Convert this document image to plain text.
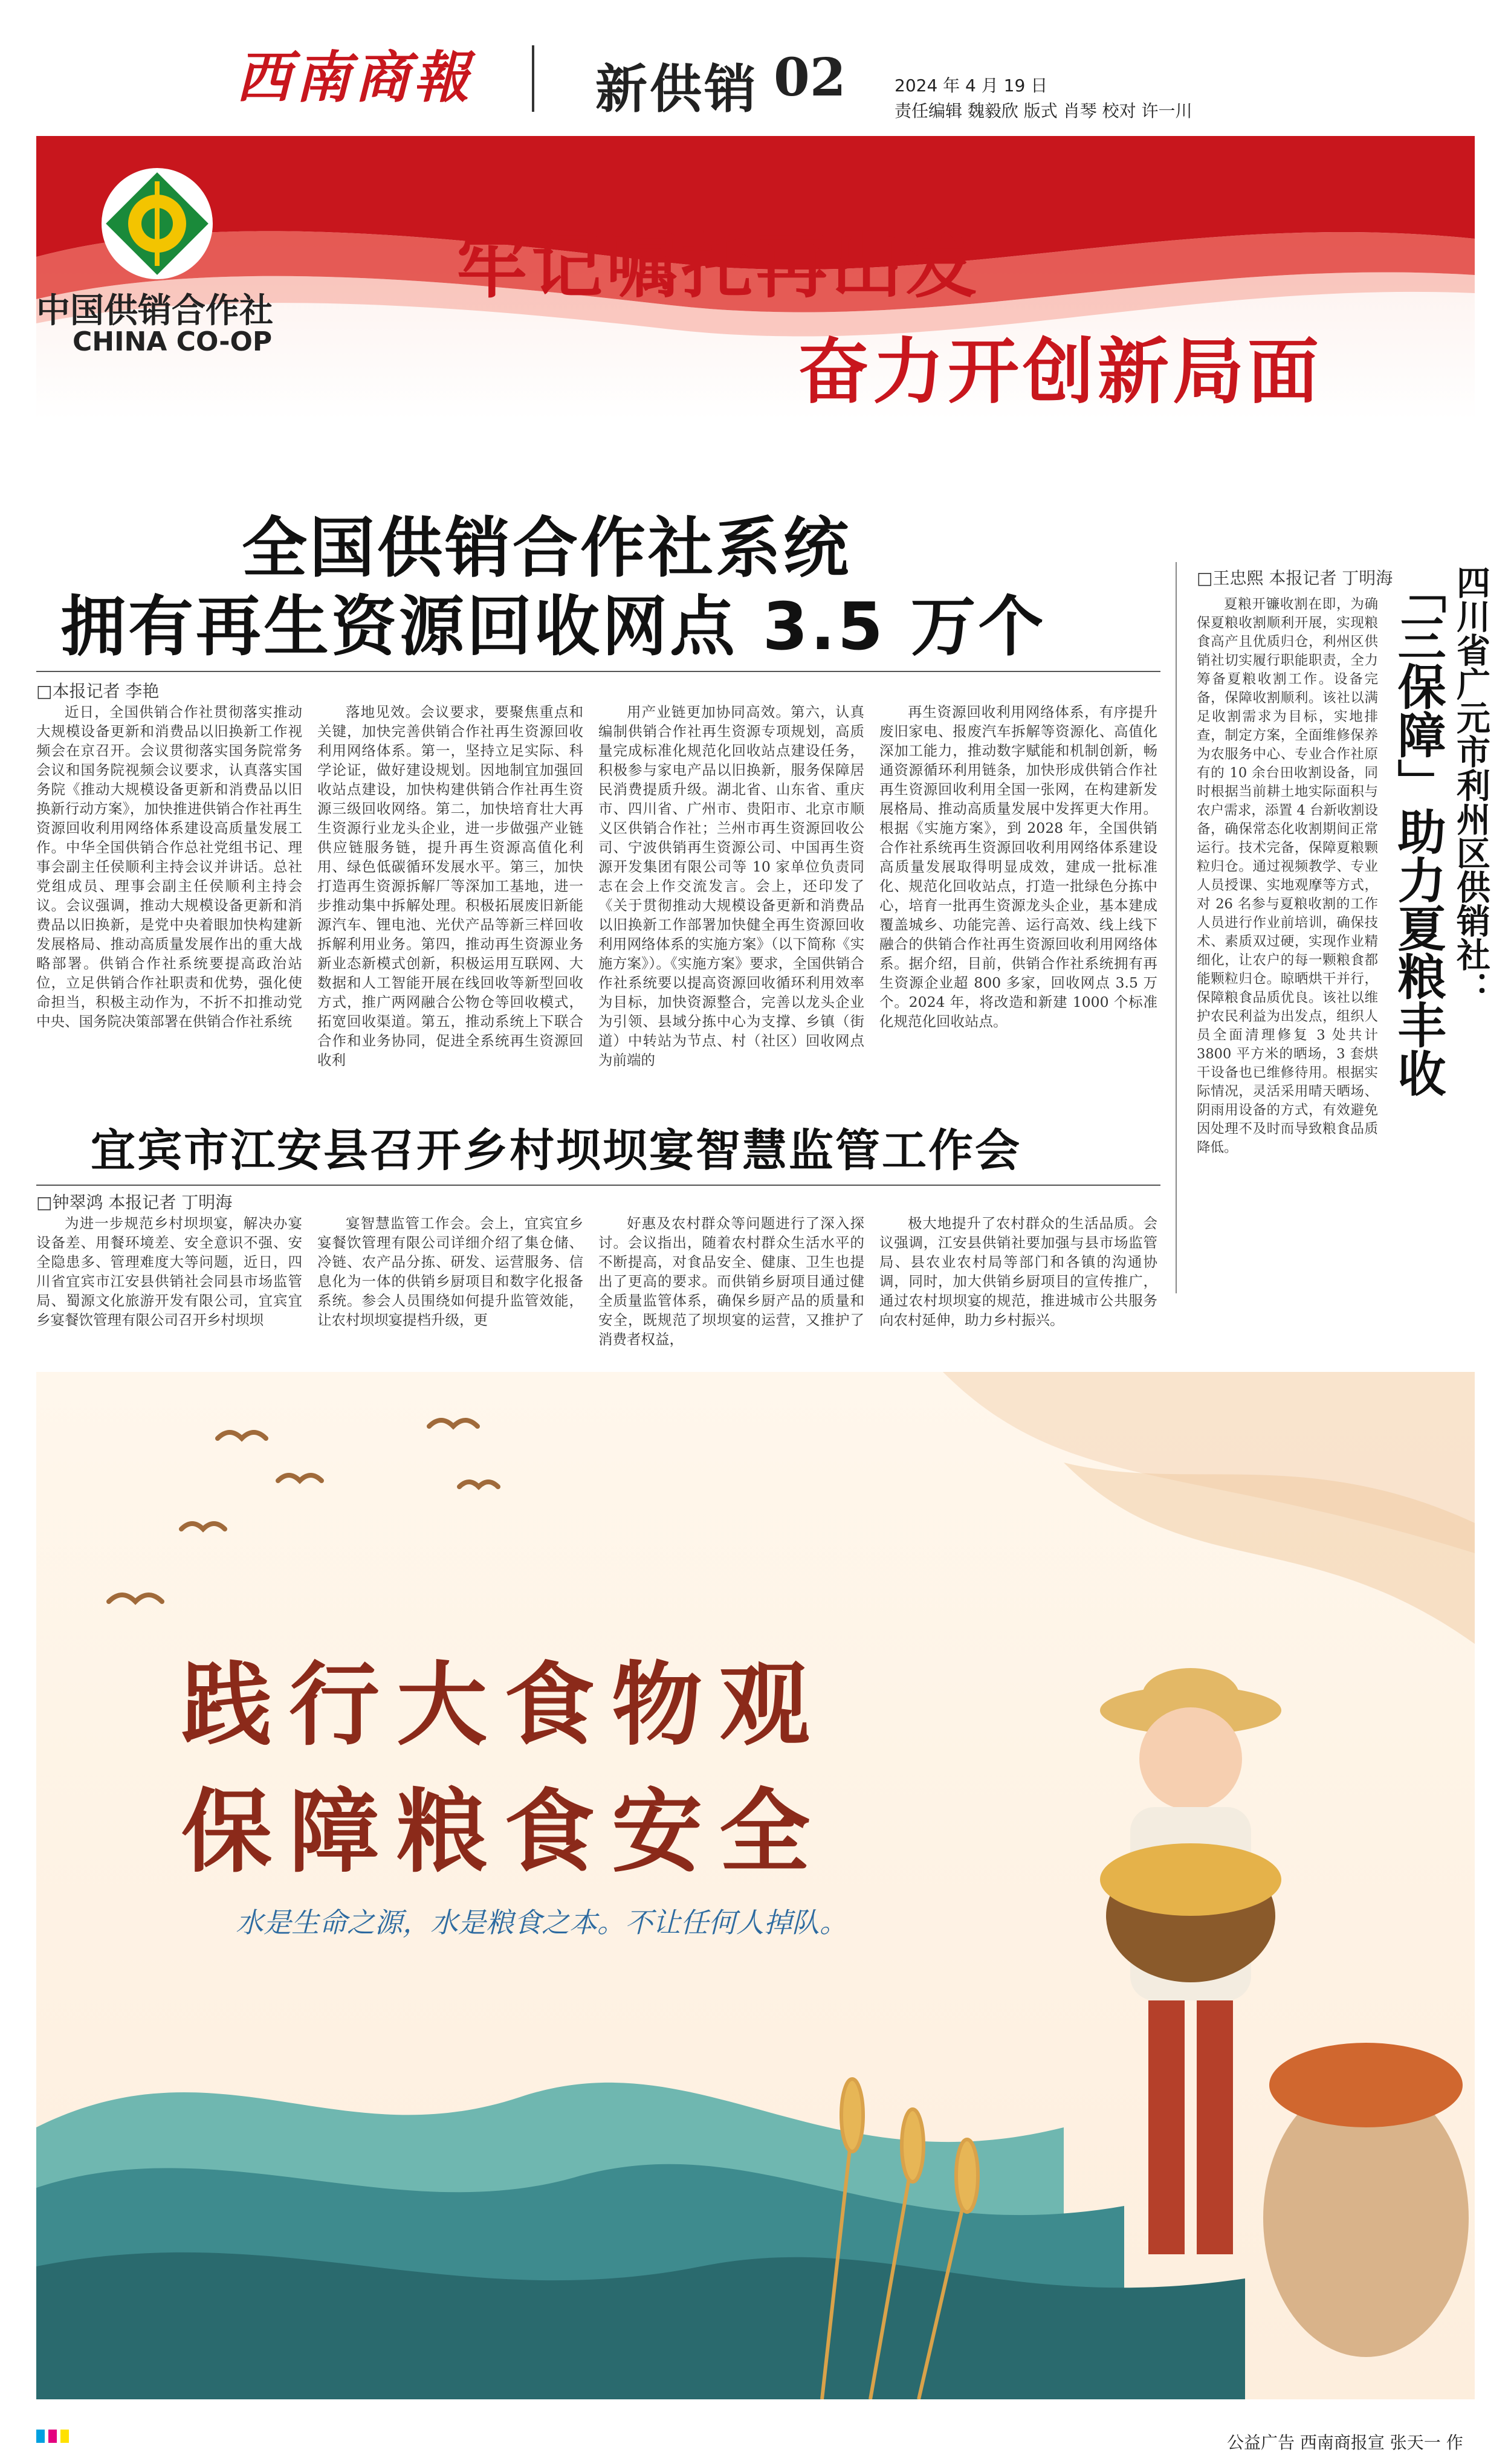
西南商報 新供销 02	2024 年 4 月 19 日
责任编辑 魏毅欣 版式 肖琴 校对 许一川
中国供销合作社
CHINA CO-OP
牢记嘱托再出发
奋力开创新局面
全国供销合作社系统
拥有再生资源回收网点 3.5 万个
□本报记者 李艳
近日，全国供销合作社贯彻落实推动大规模设备更新和消费品以旧换新工作视频会在京召开。会议贯彻落实国务院常务会议和国务院视频会议要求，认真落实国务院《推动大规模设备更新和消费品以旧换新行动方案》，加快推进供销合作社再生资源回收利用网络体系建设高质量发展工作。中华全国供销合作总社党组书记、理事会副主任侯顺利主持会议并讲话。总社党组成员、理事会副主任侯顺利主持会议。会议强调，推动大规模设备更新和消费品以旧换新，是党中央着眼加快构建新发展格局、推动高质量发展作出的重大战略部署。供销合作社系统要提高政治站位，立足供销合作社职责和优势，强化使命担当，积极主动作为，不折不扣推动党中央、国务院决策部署在供销合作社系统
落地见效。会议要求，要聚焦重点和关键，加快完善供销合作社再生资源回收利用网络体系。第一，坚持立足实际、科学论证，做好建设规划。因地制宜加强回收站点建设，加快构建供销合作社再生资源三级回收网络。第二，加快培育壮大再生资源行业龙头企业，进一步做强产业链供应链服务链，提升再生资源高值化利用、绿色低碳循环发展水平。第三，加快打造再生资源拆解厂等深加工基地，进一步推动集中拆解处理。积极拓展废旧新能源汽车、锂电池、光伏产品等新三样回收拆解利用业务。第四，推动再生资源业务新业态新模式创新，积极运用互联网、大数据和人工智能开展在线回收等新型回收方式，推广两网融合公物仓等回收模式，拓宽回收渠道。第五，推动系统上下联合合作和业务协同，促进全系统再生资源回收利
用产业链更加协同高效。第六，认真编制供销合作社再生资源专项规划，高质量完成标准化规范化回收站点建设任务，积极参与家电产品以旧换新，服务保障居民消费提质升级。湖北省、山东省、重庆市、四川省、广州市、贵阳市、北京市顺义区供销合作社；兰州市再生资源回收公司、宁波供销再生资源公司、中国再生资源开发集团有限公司等 10 家单位负责同志在会上作交流发言。会上，还印发了《关于贯彻推动大规模设备更新和消费品以旧换新工作部署加快健全再生资源回收利用网络体系的实施方案》（以下简称《实施方案》）。《实施方案》要求，全国供销合作社系统要以提高资源回收循环利用效率为目标，加快资源整合，完善以龙头企业为引领、县域分拣中心为支撑、乡镇（街道）中转站为节点、村（社区）回收网点为前端的
再生资源回收利用网络体系，有序提升废旧家电、报废汽车拆解等资源化、高值化深加工能力，推动数字赋能和机制创新，畅通资源循环利用链条，加快形成供销合作社再生资源回收利用全国一张网，在构建新发展格局、推动高质量发展中发挥更大作用。根据《实施方案》，到 2028 年，全国供销合作社系统再生资源回收利用网络体系建设高质量发展取得明显成效，建成一批标准化、规范化回收站点，打造一批绿色分拣中心，培育一批再生资源龙头企业，基本建成覆盖城乡、功能完善、运行高效、线上线下融合的供销合作社再生资源回收利用网络体系。据介绍，目前，供销合作社系统拥有再生资源企业超 800 多家，回收网点 3.5 万个。2024 年，将改造和新建 1000 个标准化规范化回收站点。
□王忠熙 本报记者 丁明海 四川省广元市利州区供销社：
「三保障」助力夏粮丰收
夏粮开镰收割在即，为确保夏粮收割顺利开展，实现粮食高产且优质归仓，利州区供销社切实履行职能职责，全力筹备夏粮收割工作。设备完备，保障收割顺利。该社以满足收割需求为目标，实地排查，制定方案，全面维修保养为农服务中心、专业合作社原有的 10 余台田收割设备，同时根据当前耕土地实际面积与农户需求，添置 4 台新收割设备，确保常态化收割期间正常运行。技术完备，保障夏粮颗粒归仓。通过视频教学、专业人员授课、实地观摩等方式，对 26 名参与夏粮收割的工作人员进行作业前培训，确保技术、素质双过硬，实现作业精细化，让农户的每一颗粮食都能颗粒归仓。晾晒烘干并行，保障粮食品质优良。该社以维护农民利益为出发点，组织人员全面清理修复 3 处共计 3800 平方米的晒场，3 套烘干设备也已维修待用。根据实际情况，灵活采用晴天晒场、阴雨用设备的方式，有效避免因处理不及时而导致粮食品质降低。
宜宾市江安县召开乡村坝坝宴智慧监管工作会
□钟翠鸿 本报记者 丁明海
为进一步规范乡村坝坝宴，解决办宴设备差、用餐环境差、安全意识不强、安全隐患多、管理难度大等问题，近日，四川省宜宾市江安县供销社会同县市场监管局、蜀源文化旅游开发有限公司，宜宾宜乡宴餐饮管理有限公司召开乡村坝坝
宴智慧监管工作会。会上，宜宾宜乡宴餐饮管理有限公司详细介绍了集仓储、冷链、农产品分拣、研发、运营服务、信息化为一体的供销乡厨项目和数字化报备系统。参会人员围绕如何提升监管效能，让农村坝坝宴提档升级，更
好惠及农村群众等问题进行了深入探讨。会议指出，随着农村群众生活水平的不断提高，对食品安全、健康、卫生也提出了更高的要求。而供销乡厨项目通过健全质量监管体系，确保乡厨产品的质量和安全，既规范了坝坝宴的运营，又推护了消费者权益，
极大地提升了农村群众的生活品质。会议强调，江安县供销社要加强与县市场监管局、县农业农村局等部门和各镇的沟通协调，同时，加大供销乡厨项目的宣传推广，通过农村坝坝宴的规范，推进城市公共服务向农村延伸，助力乡村振兴。
践行大食物观
保障粮食安全
水是生命之源，水是粮食之本。不让任何人掉队。
公益广告 西南商报宣 张天一 作
